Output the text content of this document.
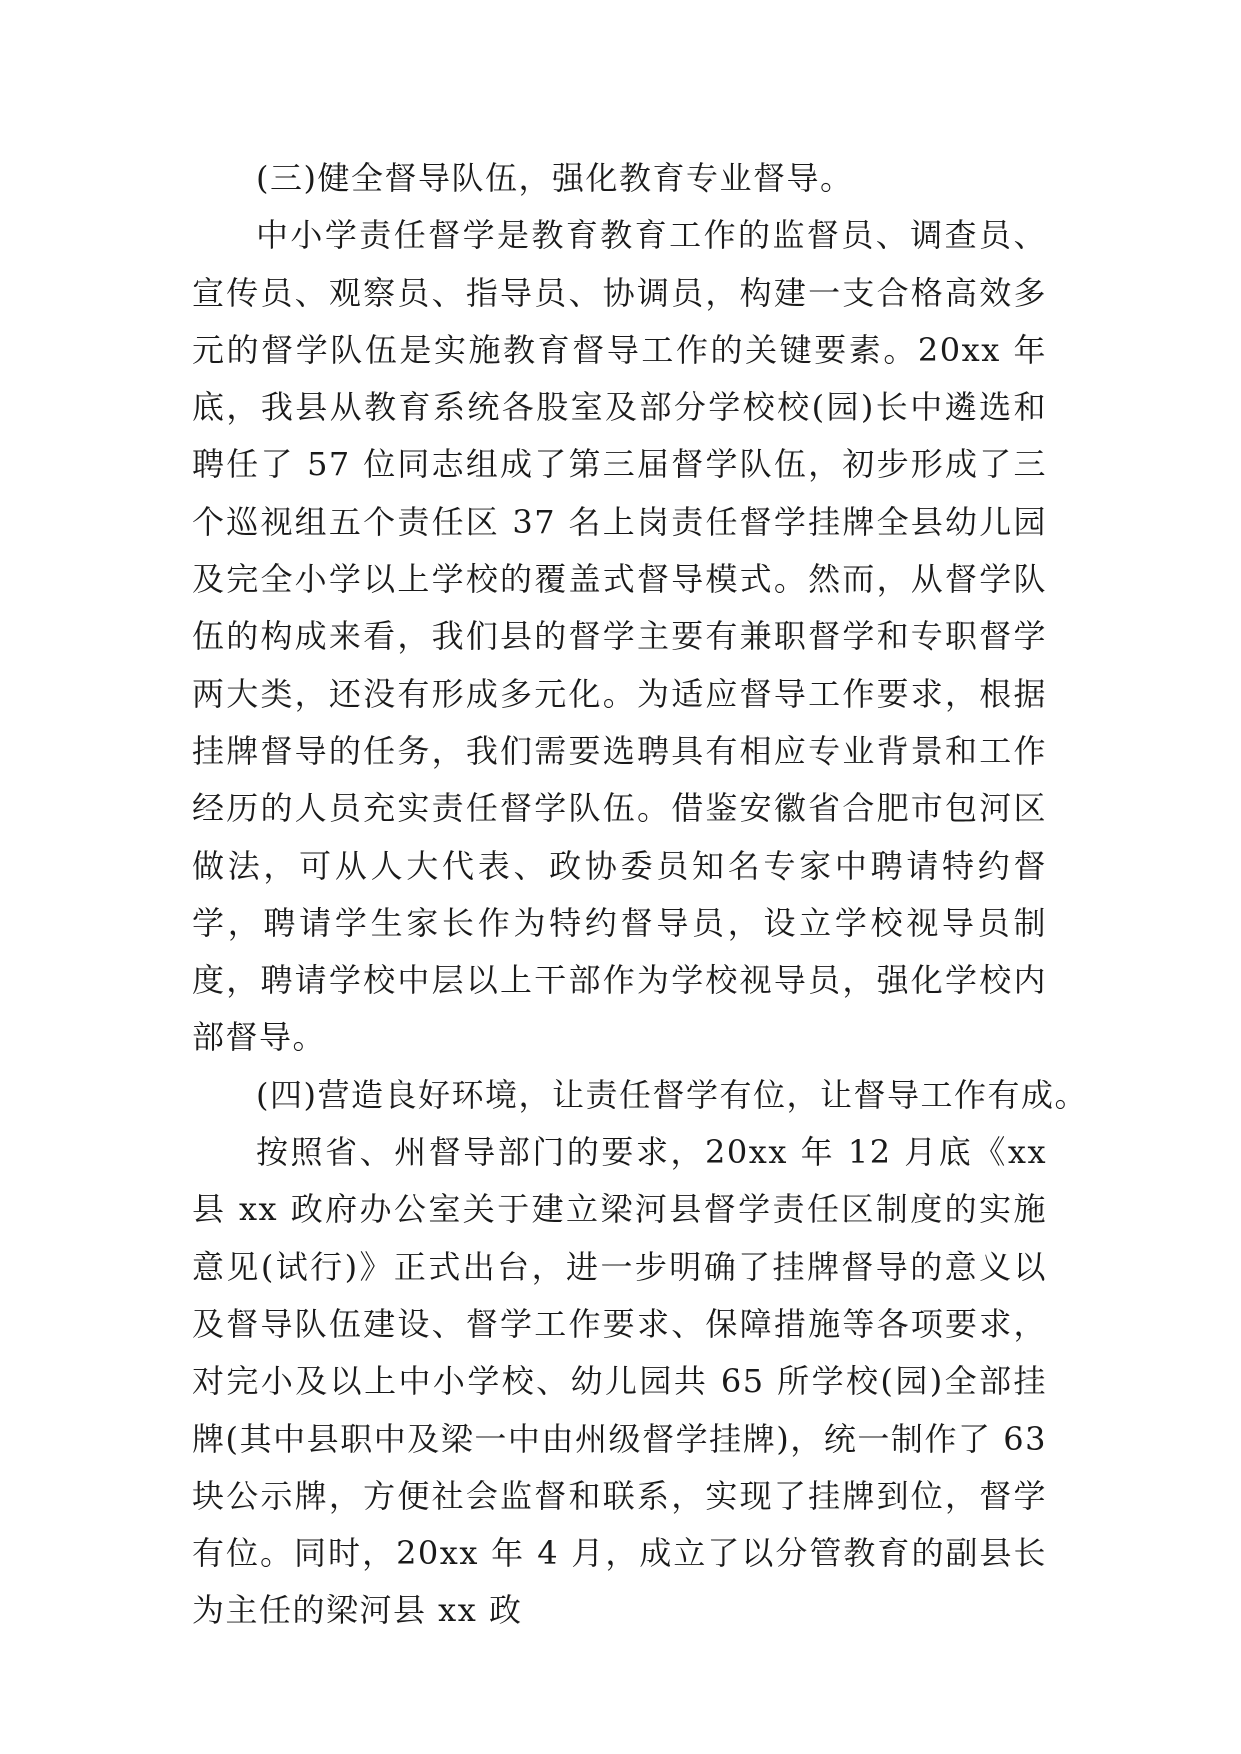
(三)健全督导队伍，强化教育专业督导。

中小学责任督学是教育教育工作的监督员、调查员、宣传员、观察员、指导员、协调员，构建一支合格高效多元的督学队伍是实施教育督导工作的关键要素。20xx 年底，我县从教育系统各股室及部分学校校(园)长中遴选和聘任了 57 位同志组成了第三届督学队伍，初步形成了三个巡视组五个责任区 37 名上岗责任督学挂牌全县幼儿园及完全小学以上学校的覆盖式督导模式。然而，从督学队伍的构成来看，我们县的督学主要有兼职督学和专职督学两大类，还没有形成多元化。为适应督导工作要求，根据挂牌督导的任务，我们需要选聘具有相应专业背景和工作经历的人员充实责任督学队伍。借鉴安徽省合肥市包河区做法，可从人大代表、政协委员知名专家中聘请特约督学，聘请学生家长作为特约督导员，设立学校视导员制度，聘请学校中层以上干部作为学校视导员，强化学校内部督导。

(四)营造良好环境，让责任督学有位，让督导工作有成。

按照省、州督导部门的要求，20xx 年 12 月底《xx 县 xx 政府办公室关于建立梁河县督学责任区制度的实施意见(试行)》正式出台，进一步明确了挂牌督导的意义以及督导队伍建设、督学工作要求、保障措施等各项要求，对完小及以上中小学校、幼儿园共 65 所学校(园)全部挂牌(其中县职中及梁一中由州级督学挂牌)，统一制作了 63 块公示牌，方便社会监督和联系，实现了挂牌到位，督学有位。同时，20xx 年 4 月，成立了以分管教育的副县长为主任的梁河县 xx 政
